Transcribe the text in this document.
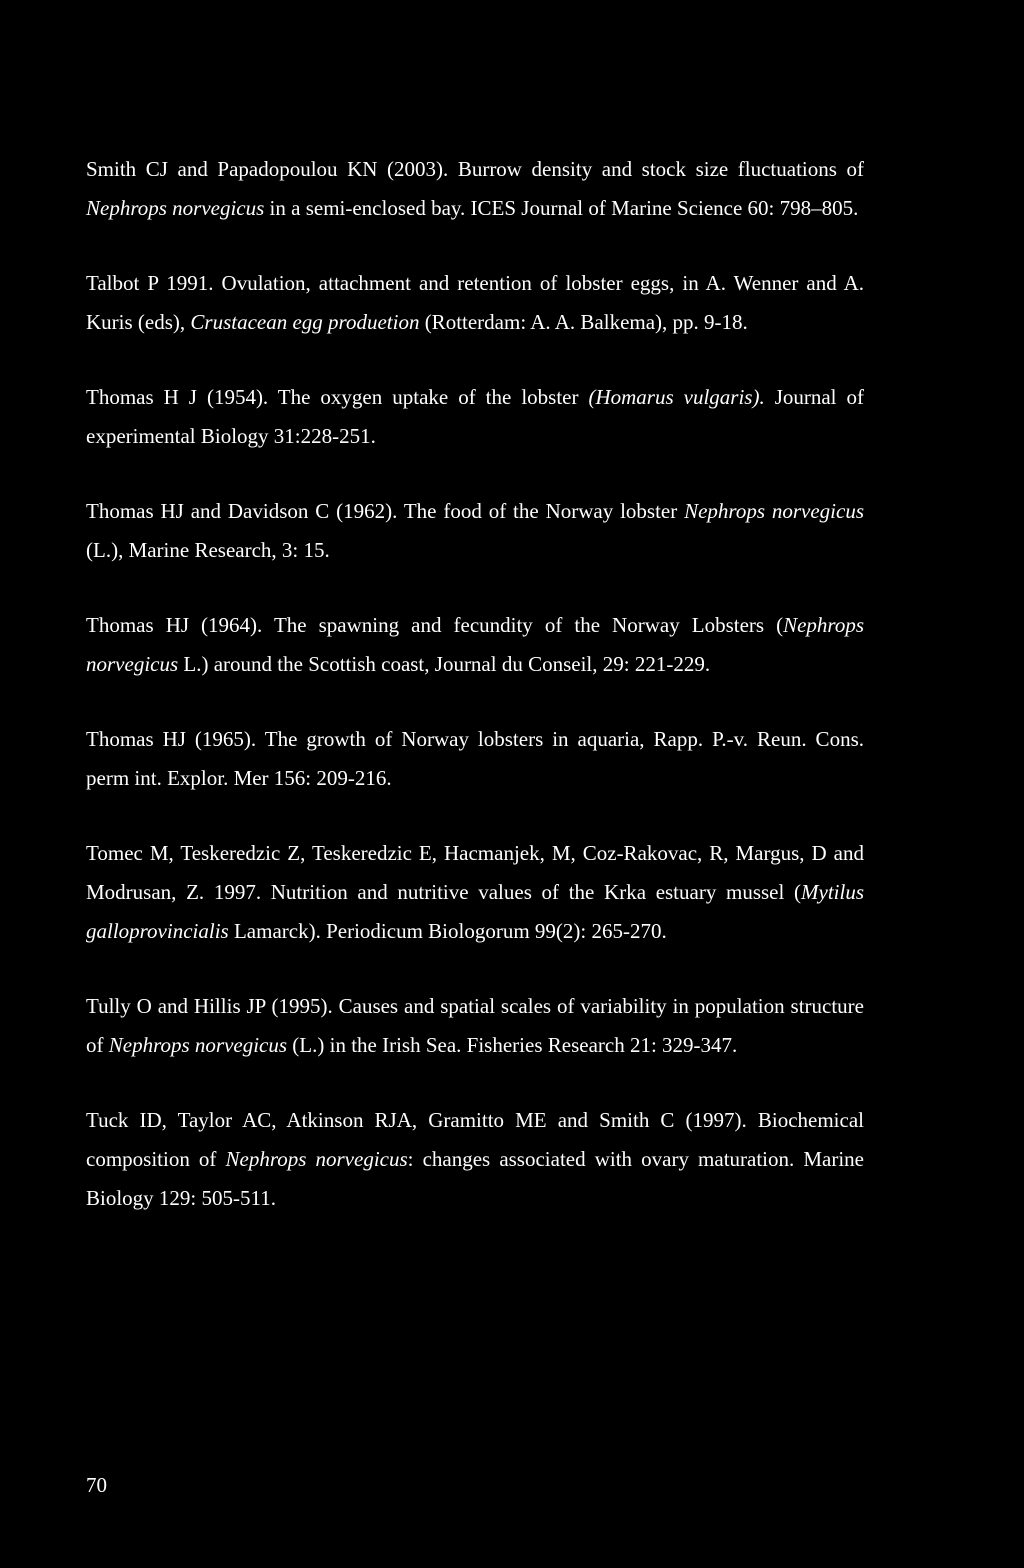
Smith CJ and Papadopoulou KN (2003). Burrow density and stock size fluctuations of Nephrops norvegicus in a semi-enclosed bay. ICES Journal of Marine Science 60: 798–805.

Talbot P 1991. Ovulation, attachment and retention of lobster eggs, in A. Wenner and A. Kuris (eds), Crustacean egg produetion (Rotterdam: A. A. Balkema), pp. 9-18.

Thomas H J (1954). The oxygen uptake of the lobster (Homarus vulgaris). Journal of experimental Biology 31:228-251.

Thomas HJ and Davidson C (1962). The food of the Norway lobster Nephrops norvegicus (L.), Marine Research, 3: 15.

Thomas HJ (1964). The spawning and fecundity of the Norway Lobsters (Nephrops norvegicus L.) around the Scottish coast, Journal du Conseil, 29: 221-229.

Thomas HJ (1965). The growth of Norway lobsters in aquaria, Rapp. P.-v. Reun. Cons. perm int. Explor. Mer 156: 209-216.

Tomec M, Teskeredzic Z, Teskeredzic E, Hacmanjek, M, Coz-Rakovac, R, Margus, D and Modrusan, Z. 1997. Nutrition and nutritive values of the Krka estuary mussel (Mytilus galloprovincialis Lamarck). Periodicum Biologorum 99(2): 265-270.

Tully O and Hillis JP (1995). Causes and spatial scales of variability in population structure of Nephrops norvegicus (L.) in the Irish Sea. Fisheries Research 21: 329-347.

Tuck ID, Taylor AC, Atkinson RJA, Gramitto ME and Smith C (1997). Biochemical composition of Nephrops norvegicus: changes associated with ovary maturation. Marine Biology 129: 505-511.

70
